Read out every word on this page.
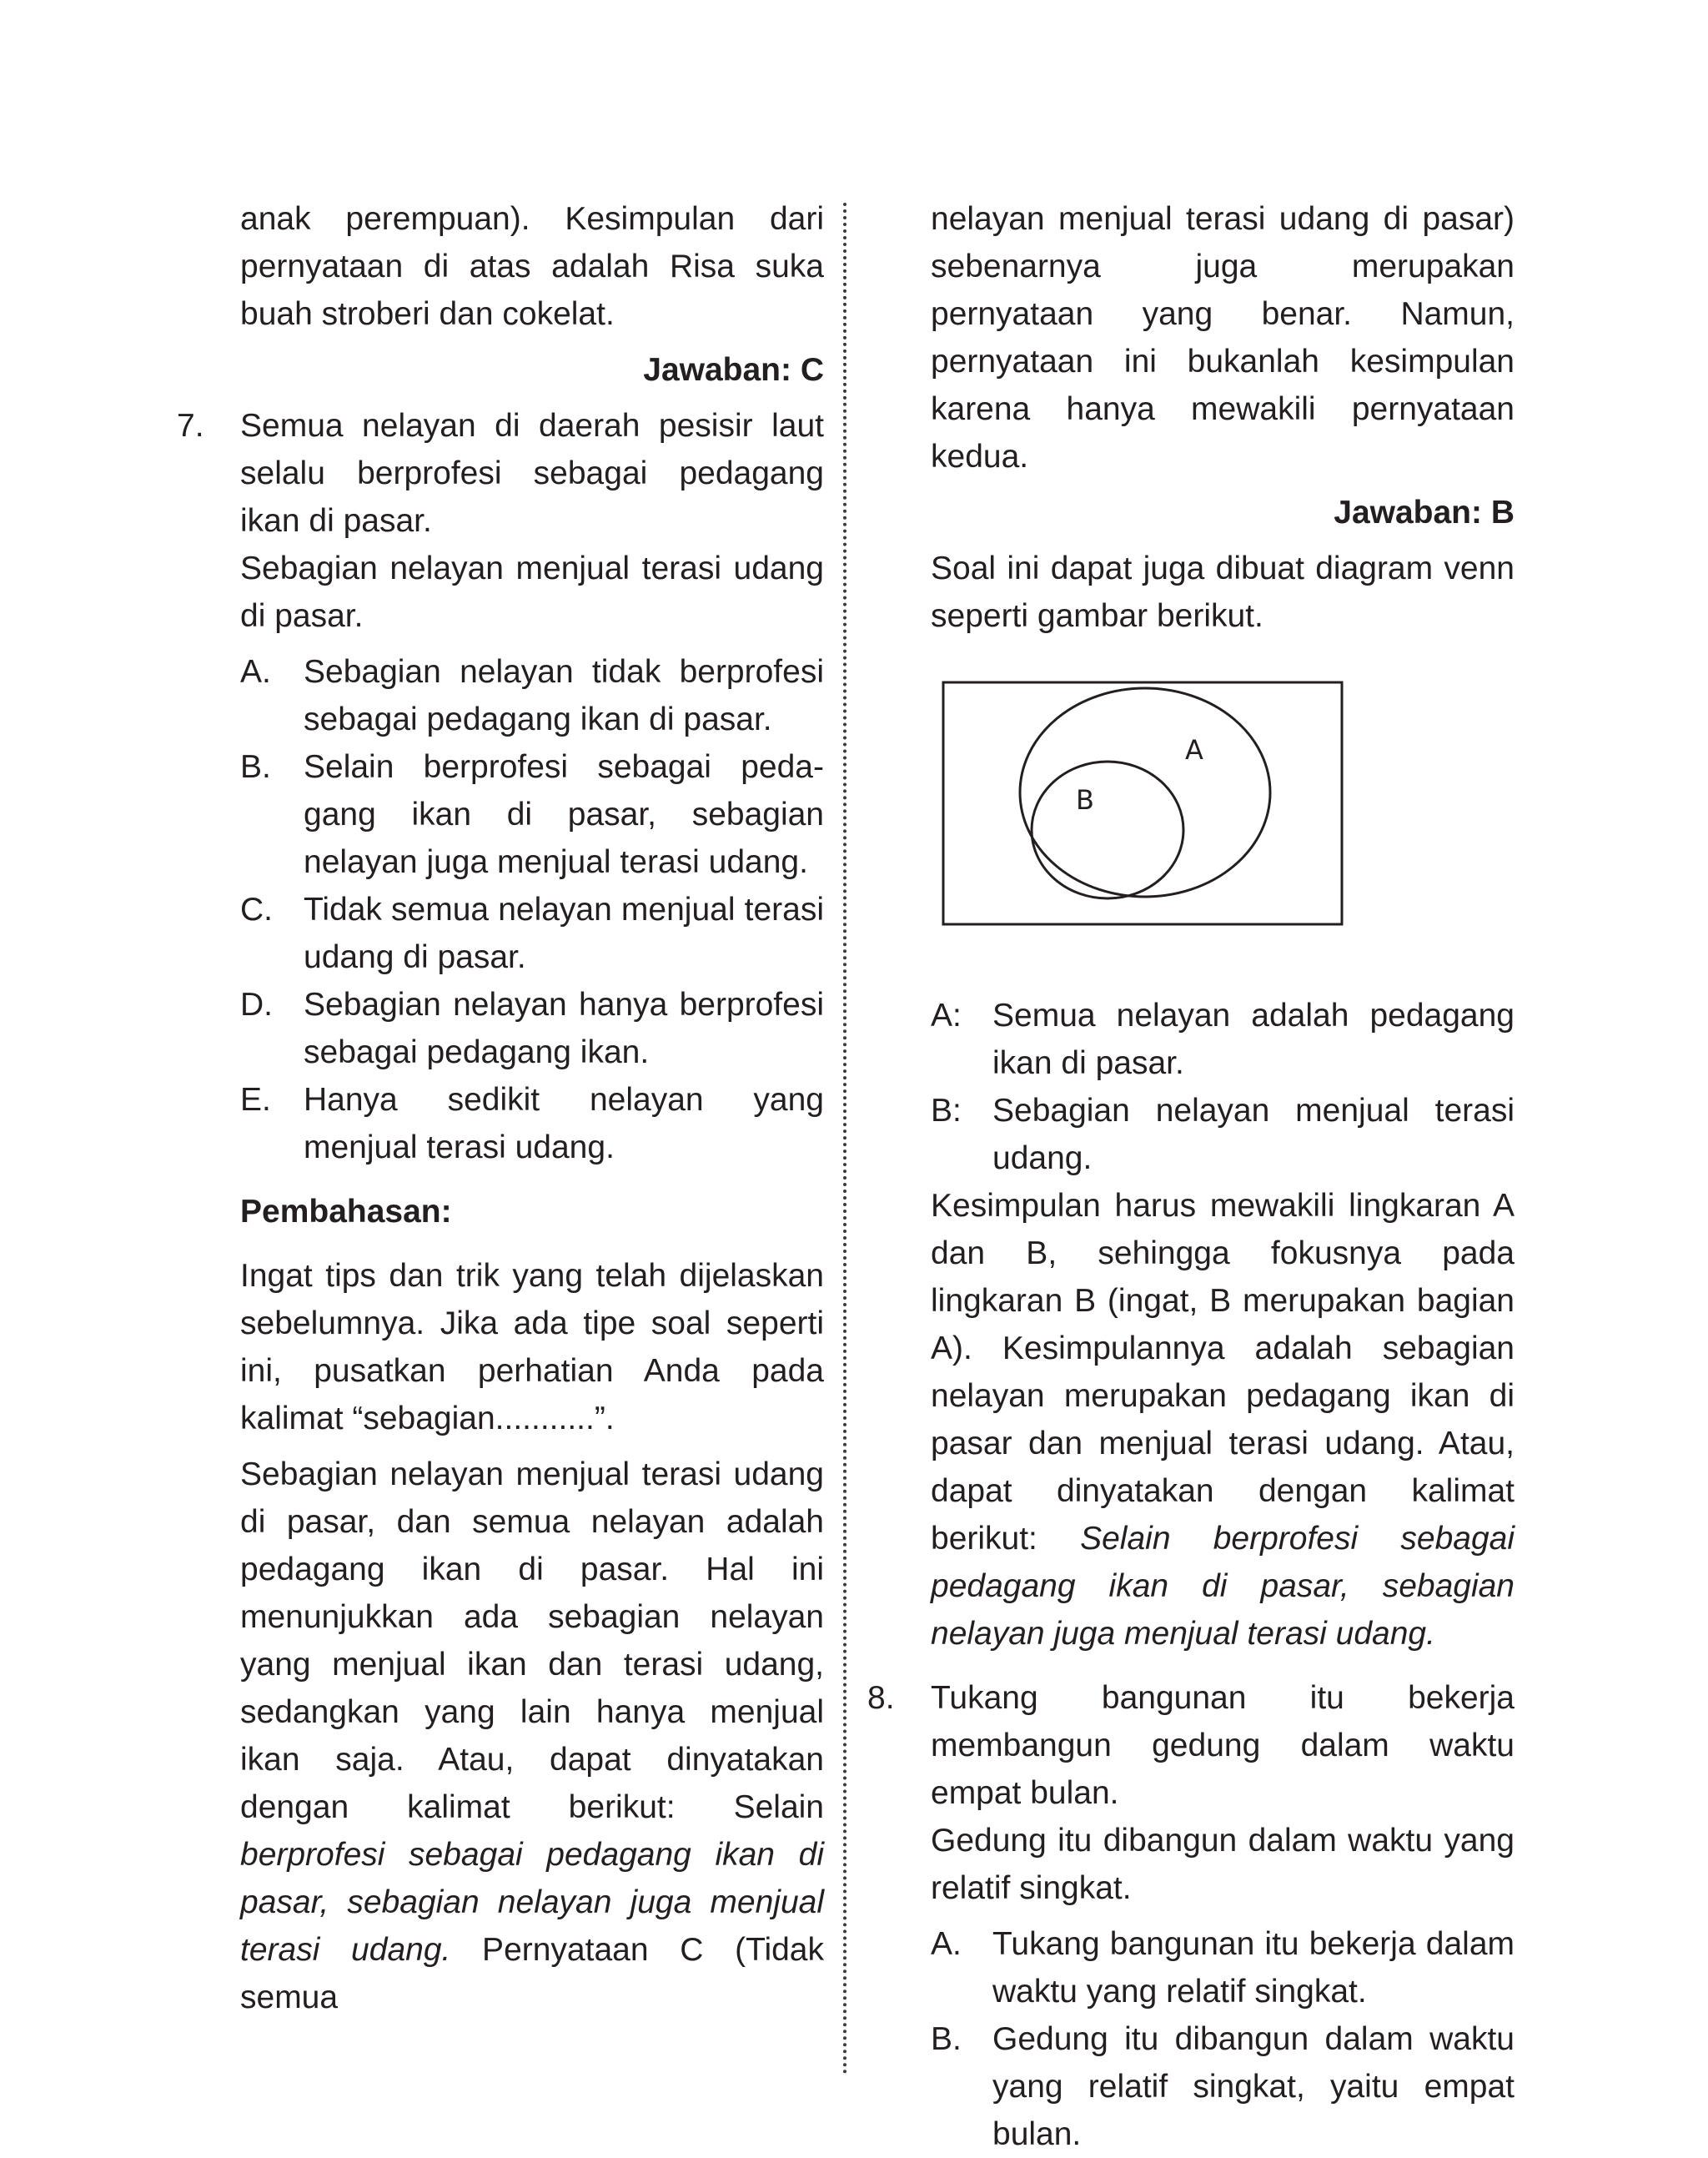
anak perempuan). Kesimpulan dari pernyataan di atas adalah Risa suka buah stroberi dan cokelat.

Jawaban: C

7. Semua nelayan di daerah pesisir laut selalu berprofesi sebagai pedagang ikan di pasar.

Sebagian nelayan menjual terasi udang di pasar.

A. Sebagian nelayan tidak berprofesi sebagai pedagang ikan di pasar.

B. Selain berprofesi sebagai peda-gang ikan di pasar, sebagian nelayan juga menjual terasi udang.

C. Tidak semua nelayan menjual terasi udang di pasar.

D. Sebagian nelayan hanya berprofesi sebagai pedagang ikan.

E. Hanya sedikit nelayan yang menjual terasi udang.

Pembahasan:

Ingat tips dan trik yang telah dijelaskan sebelumnya. Jika ada tipe soal seperti ini, pusatkan perhatian Anda pada kalimat “sebagian...........”.

Sebagian nelayan menjual terasi udang di pasar, dan semua nelayan adalah pedagang ikan di pasar. Hal ini menunjukkan ada sebagian nelayan yang menjual ikan dan terasi udang, sedangkan yang lain hanya menjual ikan saja. Atau, dapat dinyatakan dengan kalimat berikut: Selain berprofesi sebagai pedagang ikan di pasar, sebagian nelayan juga menjual terasi udang. Pernyataan C (Tidak semua

nelayan menjual terasi udang di pasar) sebenarnya juga merupakan pernyataan yang benar. Namun, pernyataan ini bukanlah kesimpulan karena hanya mewakili pernyataan kedua.

Jawaban: B

Soal ini dapat juga dibuat diagram venn seperti gambar berikut.

A
B
A: Semua nelayan adalah pedagang ikan di pasar.

B: Sebagian nelayan menjual terasi udang.

Kesimpulan harus mewakili lingkaran A dan B, sehingga fokusnya pada lingkaran B (ingat, B merupakan bagian A). Kesimpulannya adalah sebagian nelayan merupakan pedagang ikan di pasar dan menjual terasi udang. Atau, dapat dinyatakan dengan kalimat berikut: Selain berprofesi sebagai pedagang ikan di pasar, sebagian nelayan juga menjual terasi udang.

8. Tukang bangunan itu bekerja membangun gedung dalam waktu empat bulan.

Gedung itu dibangun dalam waktu yang relatif singkat.

A. Tukang bangunan itu bekerja dalam waktu yang relatif singkat.

B. Gedung itu dibangun dalam waktu yang relatif singkat, yaitu empat bulan.
